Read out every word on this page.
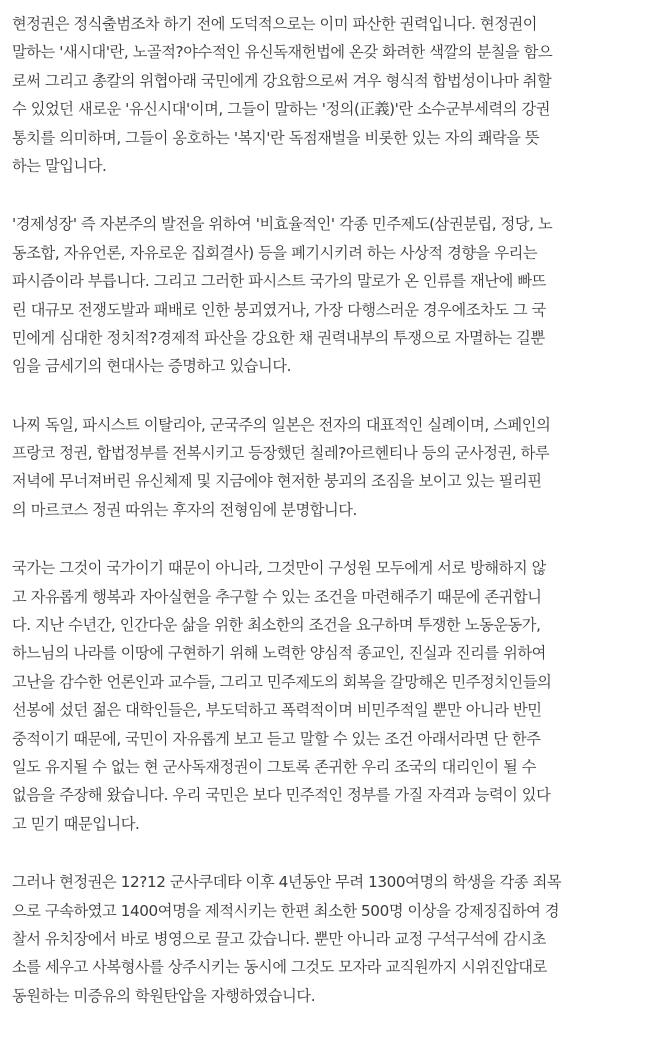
현정권은 정식출범조차 하기 전에 도덕적으로는 이미 파산한 권력입니다. 현정권이
말하는 '새시대'란, 노골적?야수적인 유신독재헌법에 온갖 화려한 색깔의 분칠을 함으
로써 그리고 총칼의 위협아래 국민에게 강요함으로써 겨우 형식적 합법성이나마 취할
수 있었던 새로운 '유신시대'이며, 그들이 말하는 '정의(正義)'란 소수군부세력의 강권
통치를 의미하며, 그들이 옹호하는 '복지'란 독점재벌을 비롯한 있는 자의 쾌락을 뜻
하는 말입니다.

'경제성장' 즉 자본주의 발전을 위하여 '비효율적인' 각종 민주제도(삼권분립, 정당, 노
동조합, 자유언론, 자유로운 집회결사) 등을 폐기시키려 하는 사상적 경향을 우리는
파시즘이라 부릅니다. 그리고 그러한 파시스트 국가의 말로가 온 인류를 재난에 빠뜨
린 대규모 전쟁도발과 패배로 인한 붕괴였거나, 가장 다행스러운 경우에조차도 그 국
민에게 심대한 정치적?경제적 파산을 강요한 채 권력내부의 투쟁으로 자멸하는 길뿐
임을 금세기의 현대사는 증명하고 있습니다.

나찌 독일, 파시스트 이탈리아, 군국주의 일본은 전자의 대표적인 실례이며, 스페인의
프랑코 정권, 합법정부를 전복시키고 등장했던 칠레?아르헨티나 등의 군사정권, 하루
저녁에 무너져버린 유신체제 및 지금에야 현저한 붕괴의 조짐을 보이고 있는 필리핀
의 마르코스 정권 따위는 후자의 전형임에 분명합니다.

국가는 그것이 국가이기 때문이 아니라, 그것만이 구성원 모두에게 서로 방해하지 않
고 자유롭게 행복과 자아실현을 추구할 수 있는 조건을 마련해주기 때문에 존귀합니
다. 지난 수년간, 인간다운 삶을 위한 최소한의 조건을 요구하며 투쟁한 노동운동가,
하느님의 나라를 이땅에 구현하기 위해 노력한 양심적 종교인, 진실과 진리를 위하여
고난을 감수한 언론인과 교수들, 그리고 민주제도의 회복을 갈망해온 민주정치인들의
선봉에 섰던 젊은 대학인들은, 부도덕하고 폭력적이며 비민주적일 뿐만 아니라 반민
중적이기 때문에, 국민이 자유롭게 보고 듣고 말할 수 있는 조건 아래서라면 단 한주
일도 유지될 수 없는 현 군사독재정권이 그토록 존귀한 우리 조국의 대리인이 될 수
없음을 주장해 왔습니다. 우리 국민은 보다 민주적인 정부를 가질 자격과 능력이 있다
고 믿기 때문입니다.

그러나 현정권은 12?12 군사쿠데타 이후 4년동안 무려 1300여명의 학생을 각종 죄목
으로 구속하였고 1400여명을 제적시키는 한편 최소한 500명 이상을 강제징집하여 경
찰서 유치장에서 바로 병영으로 끌고 갔습니다. 뿐만 아니라 교정 구석구석에 감시초
소를 세우고 사복형사를 상주시키는 동시에 그것도 모자라 교직원까지 시위진압대로
동원하는 미증유의 학원탄압을 자행하였습니다.
